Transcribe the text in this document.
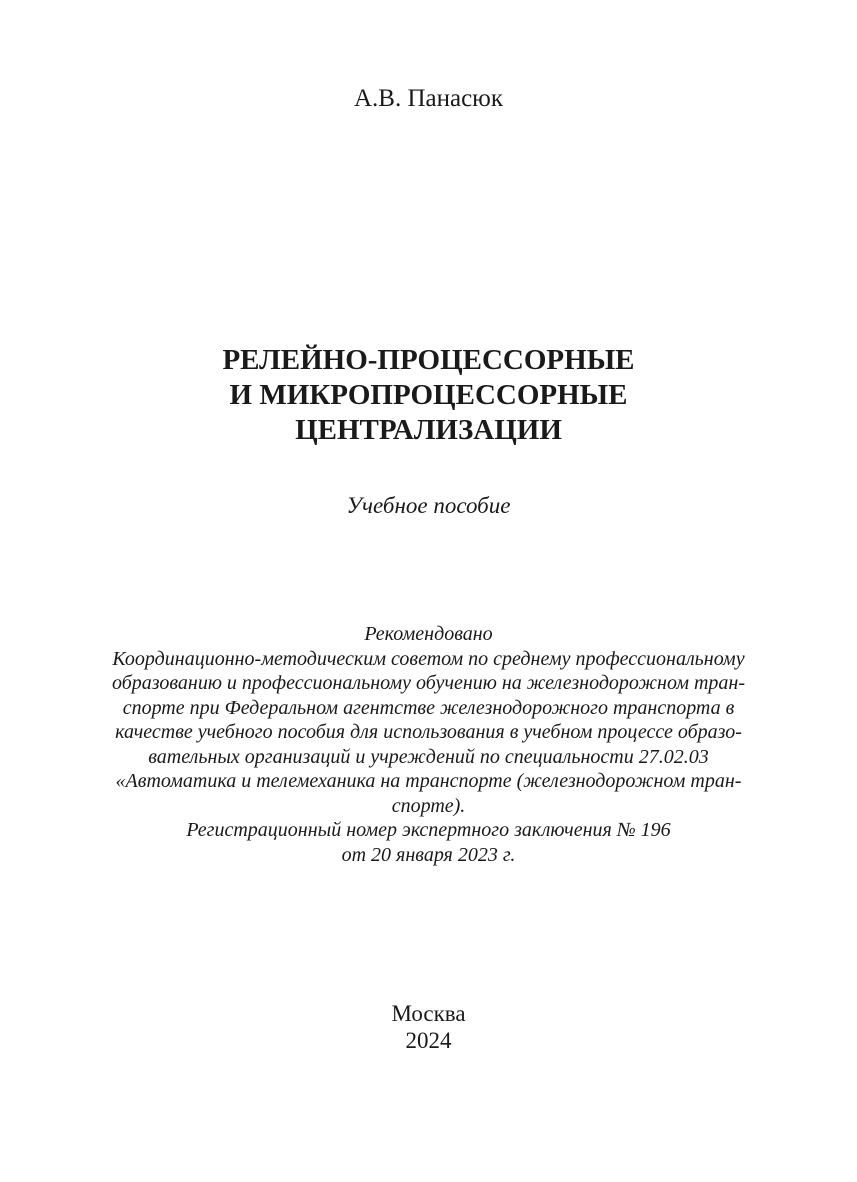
А.В. Панасюк
РЕЛЕЙНО-ПРОЦЕССОРНЫЕ
И МИКРОПРОЦЕССОРНЫЕ
ЦЕНТРАЛИЗАЦИИ
Учебное пособие
Рекомендовано
Координационно-методическим советом по среднему профессиональному
образованию и профессиональному обучению на железнодорожном тран-
спорте при Федеральном агентстве железнодорожного транспорта в
качестве учебного пособия для использования в учебном процессе образо-
вательных организаций и учреждений по специальности 27.02.03
«Автоматика и телемеханика на транспорте (железнодорожном тран-
спорте).
Регистрационный номер экспертного заключения № 196
от 20 января 2023 г.
Москва
2024
